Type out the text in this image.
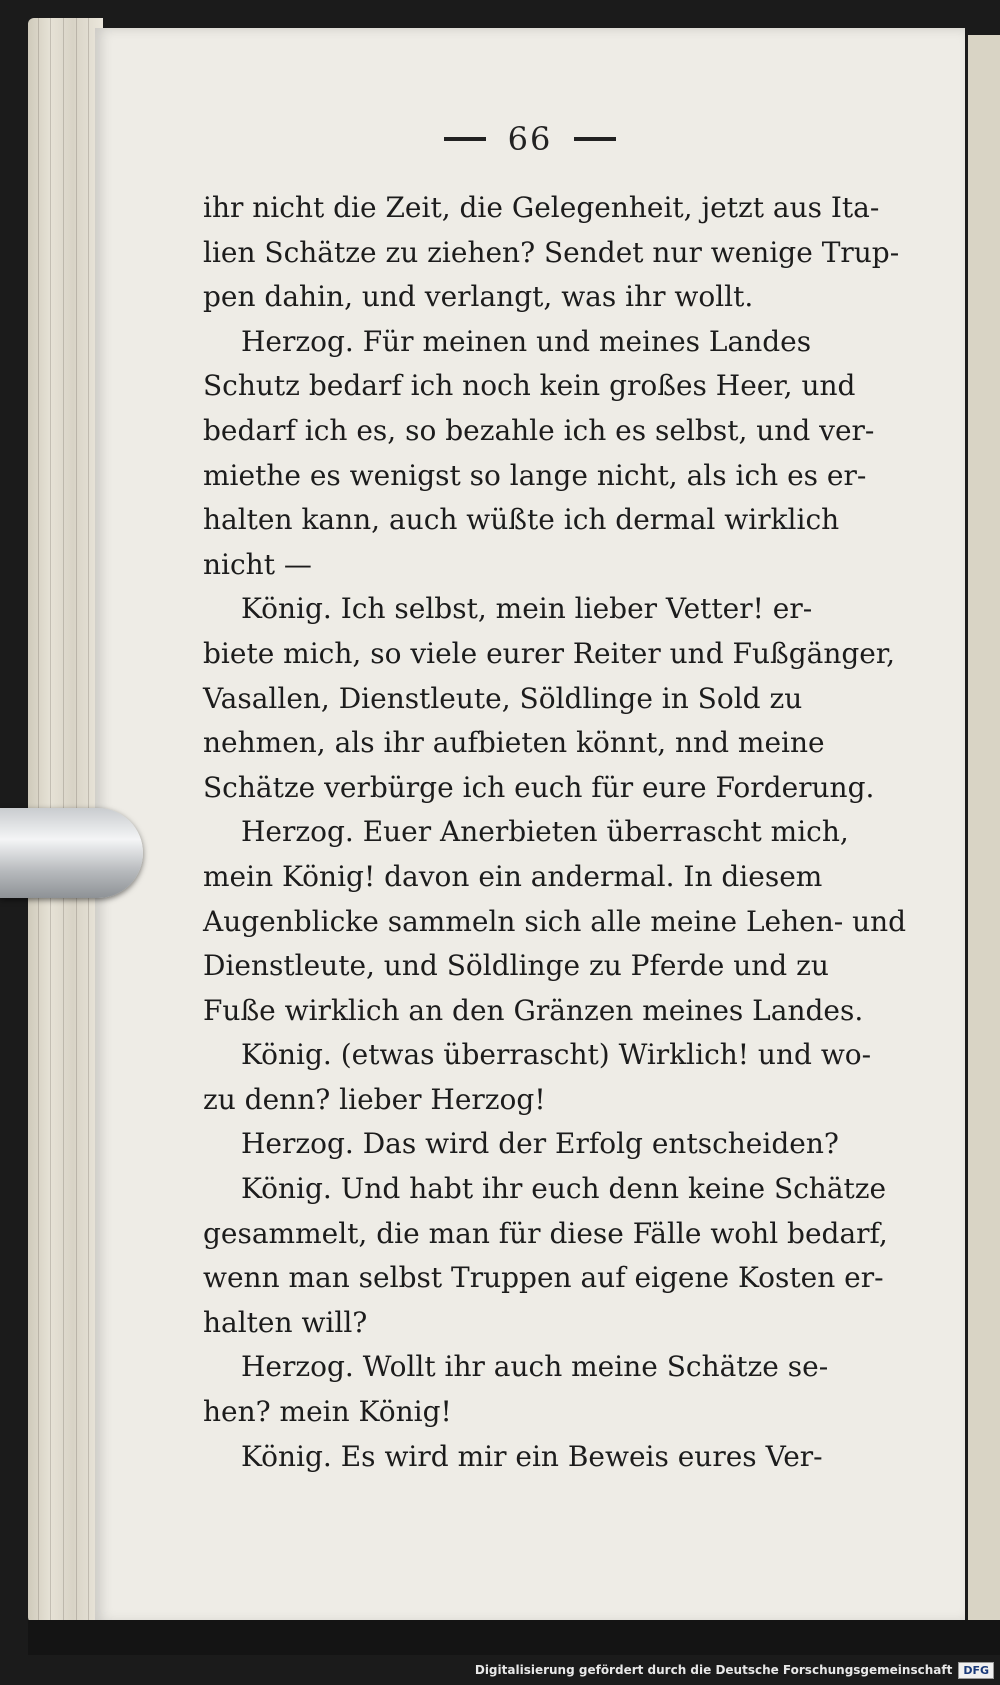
66
ihr nicht die Zeit, die Gelegenheit, jetzt aus Ita-
lien Schätze zu ziehen? Sendet nur wenige Trup-
pen dahin, und verlangt, was ihr wollt.
Herzog. Für meinen und meines Landes
Schutz bedarf ich noch kein großes Heer, und
bedarf ich es, so bezahle ich es selbst, und ver-
miethe es wenigst so lange nicht, als ich es er-
halten kann, auch wüßte ich dermal wirklich
nicht —
König. Ich selbst, mein lieber Vetter! er-
biete mich, so viele eurer Reiter und Fußgänger,
Vasallen, Dienstleute, Söldlinge in Sold zu
nehmen, als ihr aufbieten könnt, nnd meine
Schätze verbürge ich euch für eure Forderung.
Herzog. Euer Anerbieten überrascht mich,
mein König! davon ein andermal. In diesem
Augenblicke sammeln sich alle meine Lehen- und
Dienstleute, und Söldlinge zu Pferde und zu
Fuße wirklich an den Gränzen meines Landes.
König. (etwas überrascht) Wirklich! und wo-
zu denn? lieber Herzog!
Herzog. Das wird der Erfolg entscheiden?
König. Und habt ihr euch denn keine Schätze
gesammelt, die man für diese Fälle wohl bedarf,
wenn man selbst Truppen auf eigene Kosten er-
halten will?
Herzog. Wollt ihr auch meine Schätze se-
hen? mein König!
König. Es wird mir ein Beweis eures Ver-
Digitalisierung gefördert durch die Deutsche Forschungsgemeinschaft	DFG
